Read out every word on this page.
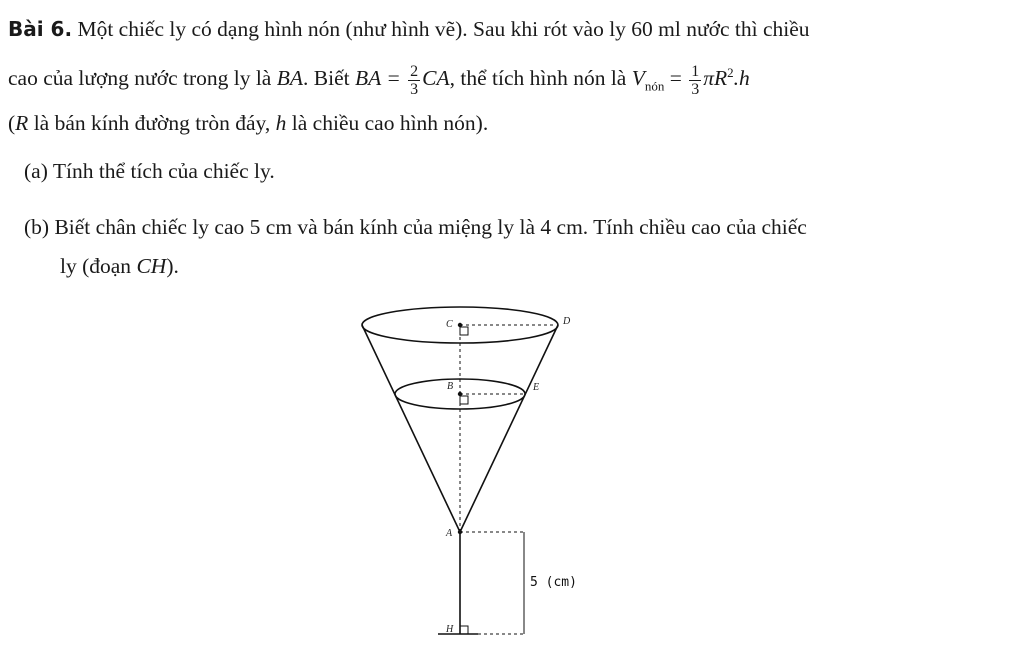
Bài 6. Một chiếc ly có dạng hình nón (như hình vẽ). Sau khi rót vào ly 60 ml nước thì chiều
cao của lượng nước trong ly là BA. Biết BA = $\frac{2}{3}$ CA, thể tích hình nón là $V_{nón} = \frac{1}{3} \pi R^2.h$
(R là bán kính đường tròn đáy, h là chiều cao hình nón).
(a) Tính thể tích của chiếc ly.
(b) Biết chân chiếc ly cao 5 cm và bán kính của miệng ly là 4 cm. Tính chiều cao của chiếc
ly (đoạn CH).
C	D
B	E
A
H
5 (cm)
